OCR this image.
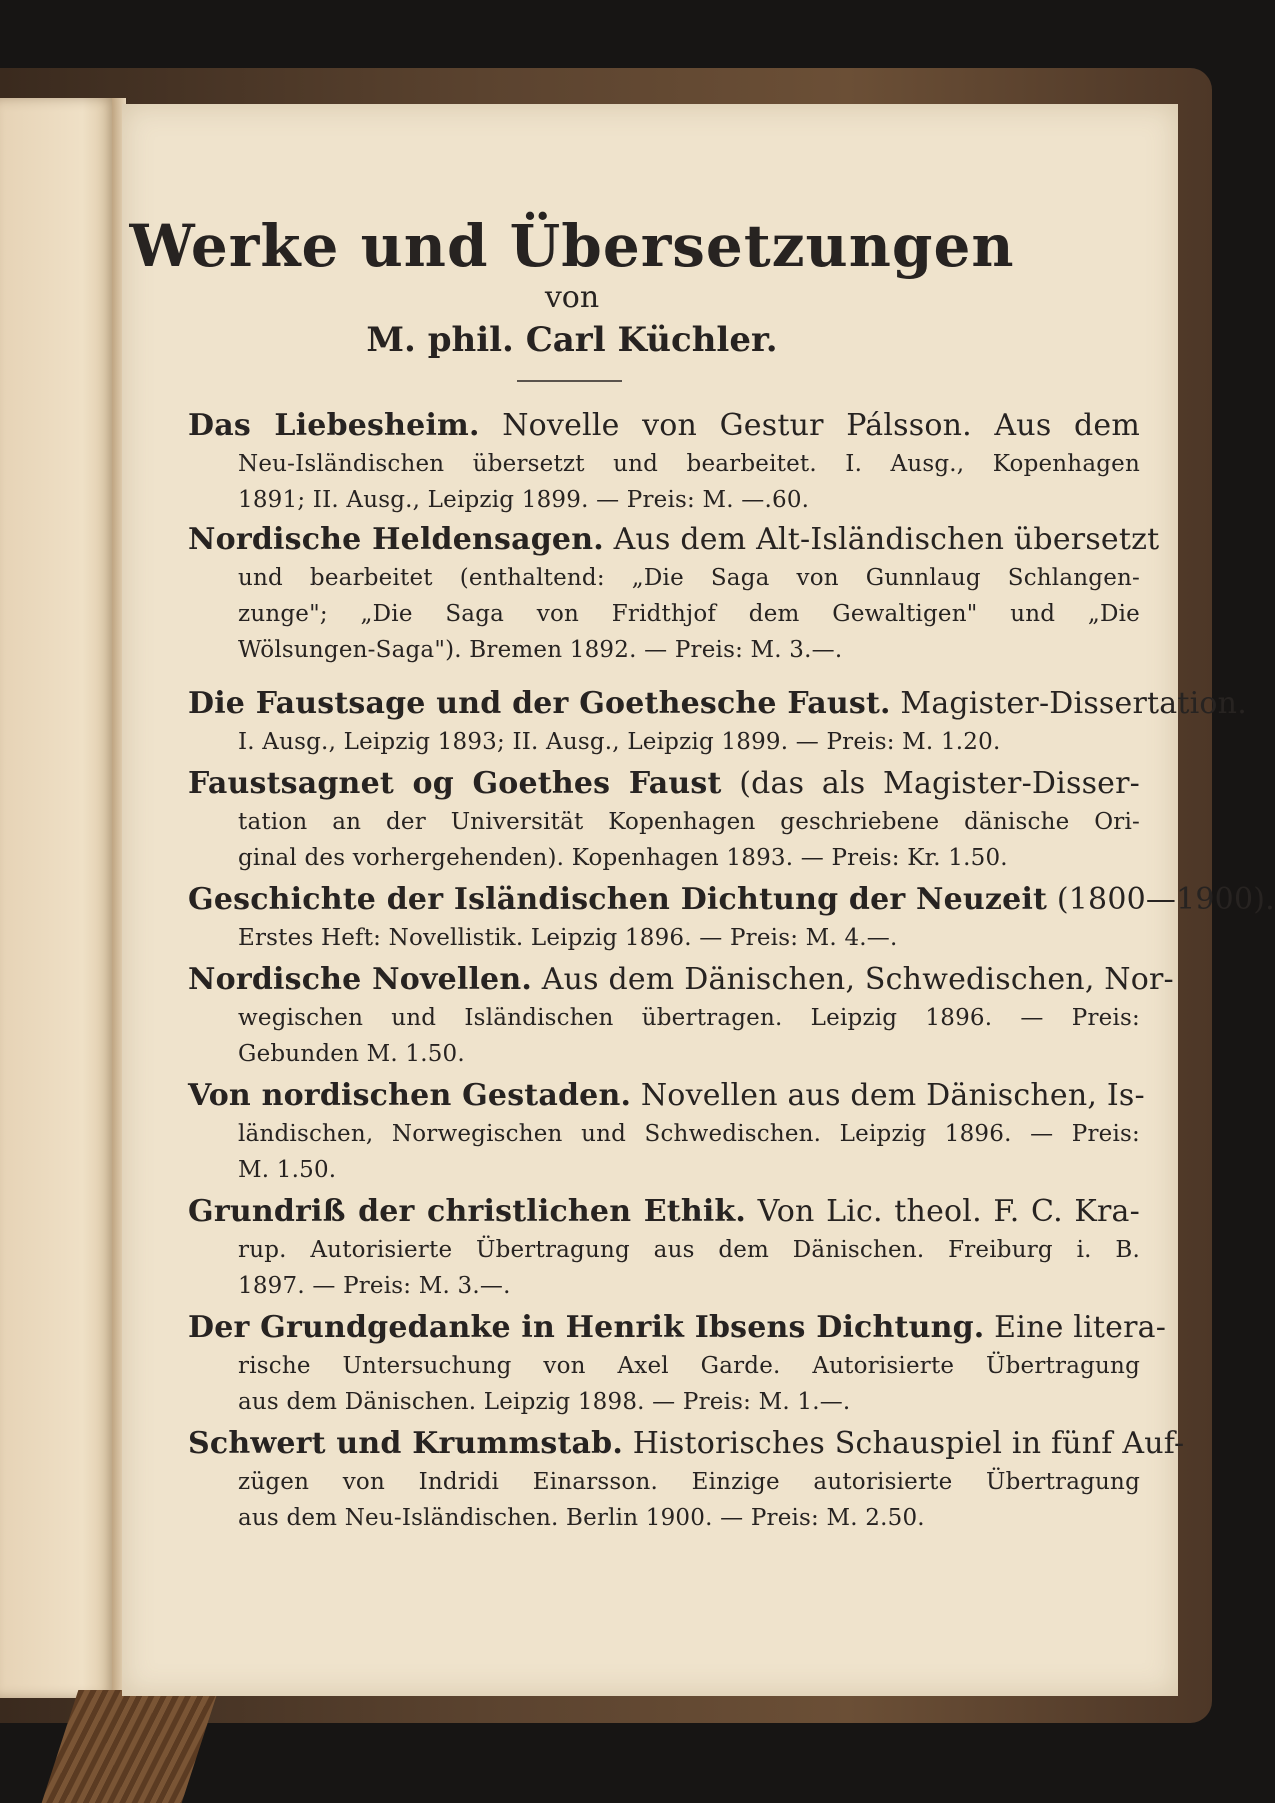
Werke und Übersetzungen
von
M. phil. Carl Küchler.
Das Liebesheim. Novelle von Gestur Pálsson. Aus dem
Neu-Isländischen übersetzt und bearbeitet. I. Ausg., Kopenhagen
1891; II. Ausg., Leipzig 1899. — Preis: M. —.60.
Nordische Heldensagen. Aus dem Alt-Isländischen übersetzt
und bearbeitet (enthaltend: „Die Saga von Gunnlaug Schlangen-
zunge"; „Die Saga von Fridthjof dem Gewaltigen" und „Die
Wölsungen-Saga"). Bremen 1892. — Preis: M. 3.—.
Die Faustsage und der Goethesche Faust. Magister-Dissertation.
I. Ausg., Leipzig 1893; II. Ausg., Leipzig 1899. — Preis: M. 1.20.
Faustsagnet og Goethes Faust (das als Magister-Disser-
tation an der Universität Kopenhagen geschriebene dänische Ori-
ginal des vorhergehenden). Kopenhagen 1893. — Preis: Kr. 1.50.
Geschichte der Isländischen Dichtung der Neuzeit (1800—1900).
Erstes Heft: Novellistik. Leipzig 1896. — Preis: M. 4.—.
Nordische Novellen. Aus dem Dänischen, Schwedischen, Nor-
wegischen und Isländischen übertragen. Leipzig 1896. — Preis:
Gebunden M. 1.50.
Von nordischen Gestaden. Novellen aus dem Dänischen, Is-
ländischen, Norwegischen und Schwedischen. Leipzig 1896. — Preis:
M. 1.50.
Grundriß der christlichen Ethik. Von Lic. theol. F. C. Kra-
rup. Autorisierte Übertragung aus dem Dänischen. Freiburg i. B.
1897. — Preis: M. 3.—.
Der Grundgedanke in Henrik Ibsens Dichtung. Eine litera-
rische Untersuchung von Axel Garde. Autorisierte Übertragung
aus dem Dänischen. Leipzig 1898. — Preis: M. 1.—.
Schwert und Krummstab. Historisches Schauspiel in fünf Auf-
zügen von Indridi Einarsson. Einzige autorisierte Übertragung
aus dem Neu-Isländischen. Berlin 1900. — Preis: M. 2.50.
